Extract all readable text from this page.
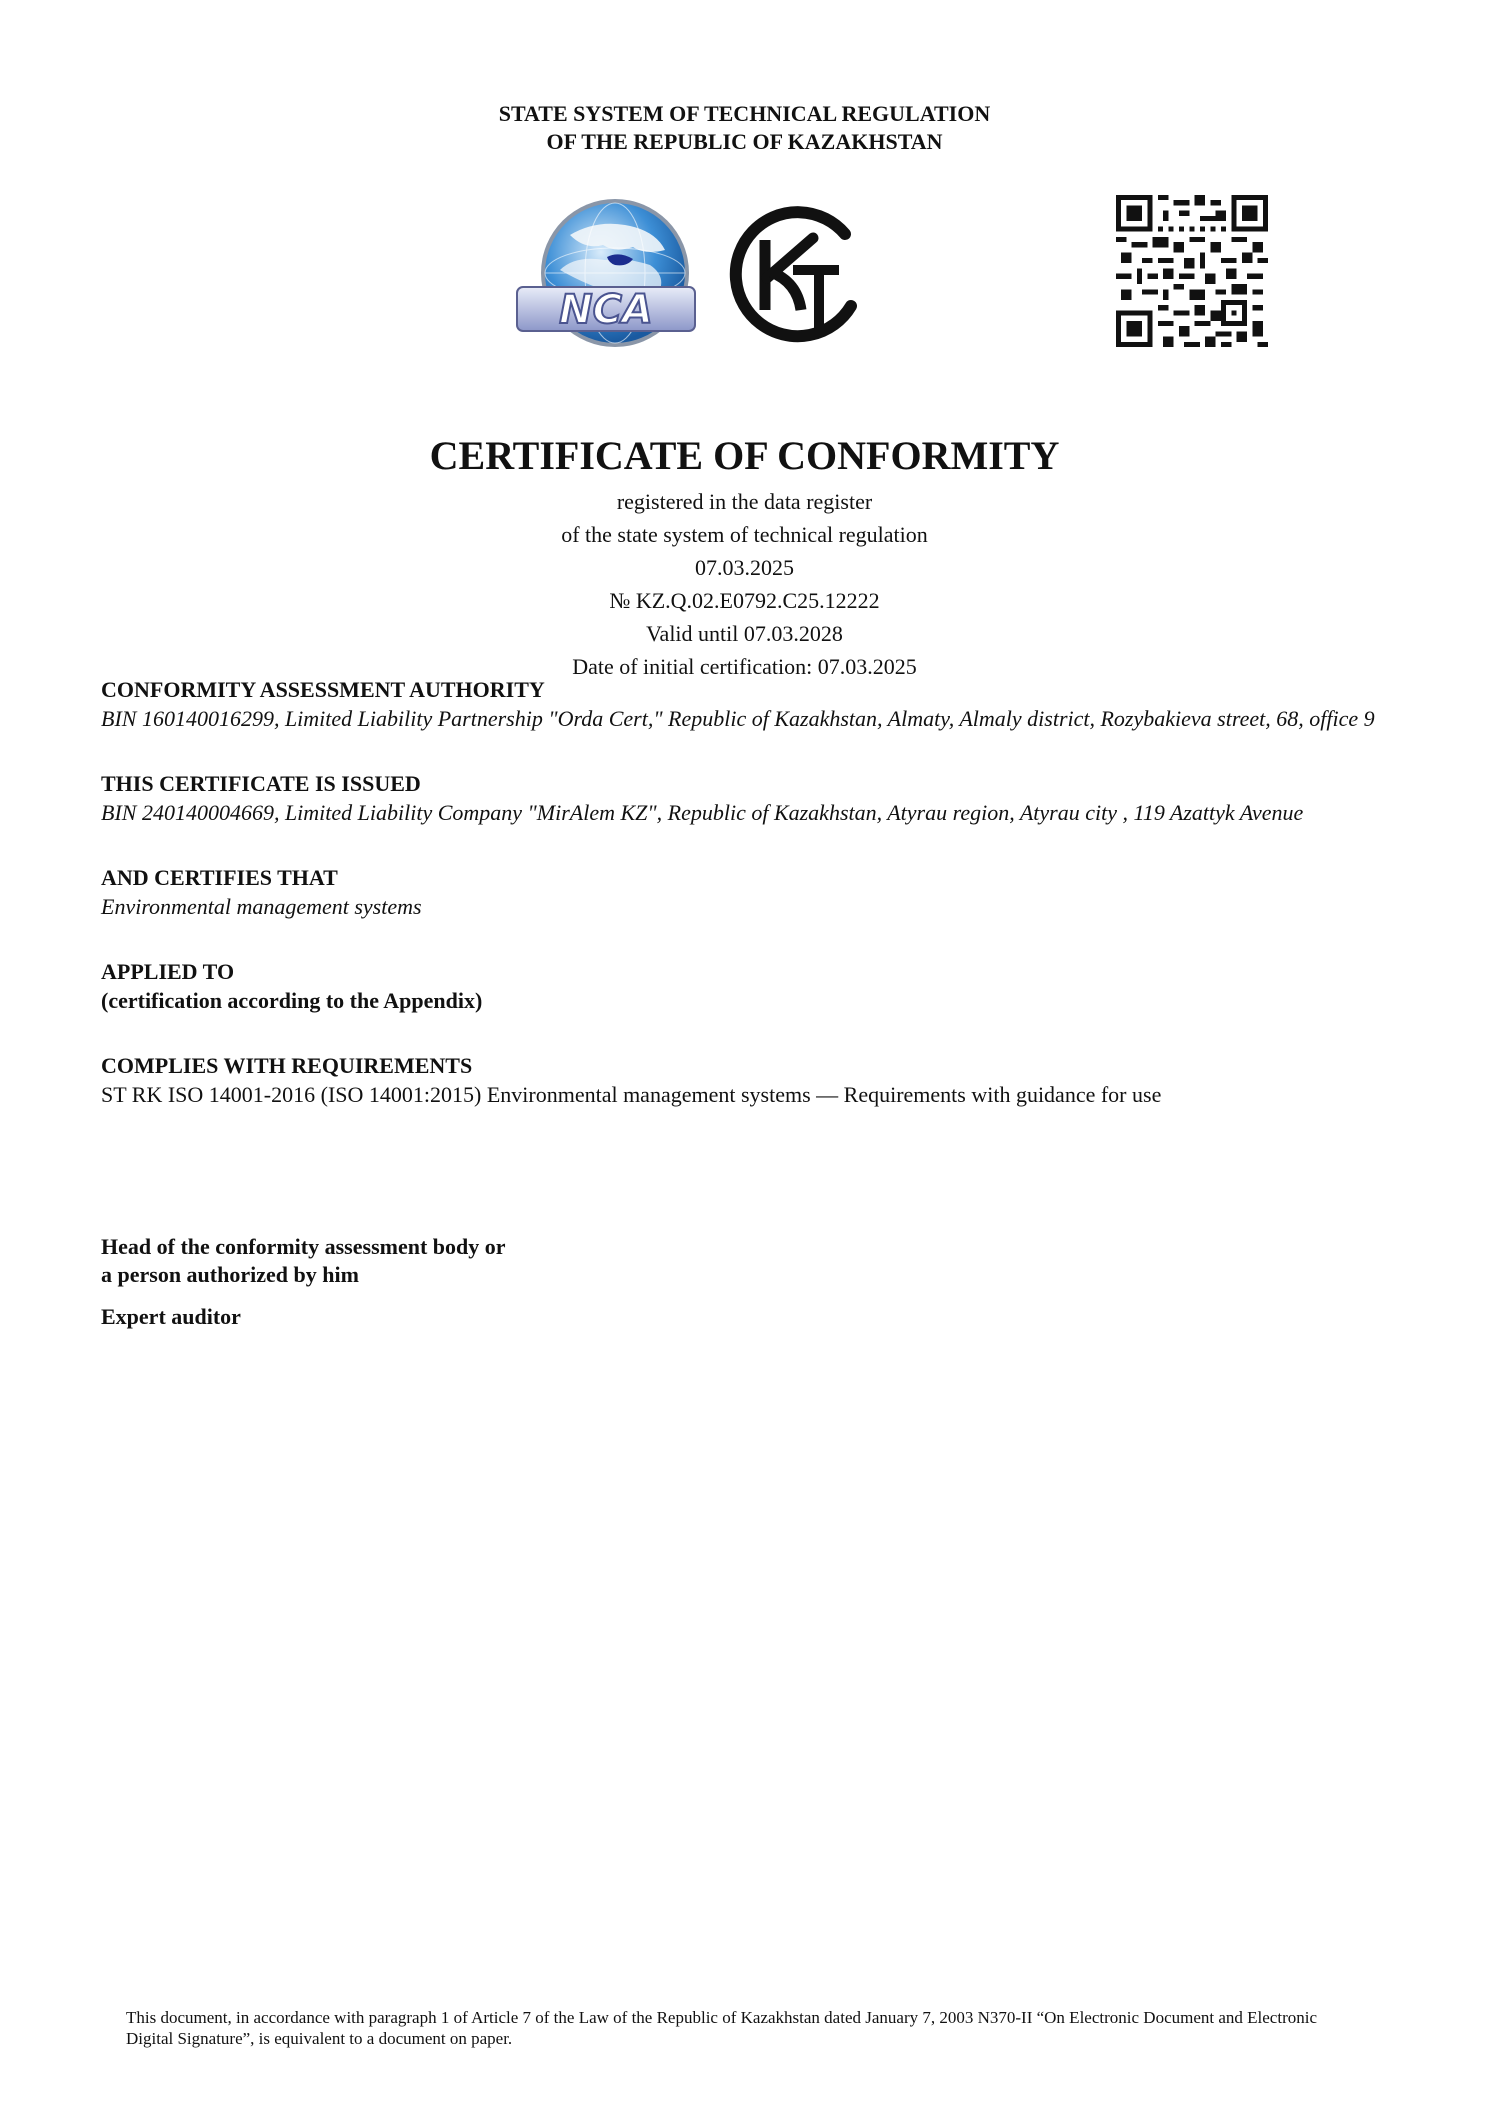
STATE SYSTEM OF TECHNICAL REGULATION
OF THE REPUBLIC OF KAZAKHSTAN
NCA
CERTIFICATE OF CONFORMITY
registered in the data register
of the state system of technical regulation
07.03.2025
№ KZ.Q.02.E0792.C25.12222
Valid until 07.03.2028
Date of initial certification: 07.03.2025
CONFORMITY ASSESSMENT AUTHORITY
BIN 160140016299, Limited Liability Partnership "Orda Cert," Republic of Kazakhstan, Almaty, Almaly district, Rozybakieva street, 68, office 9
THIS CERTIFICATE IS ISSUED
BIN 240140004669, Limited Liability Company "MirAlem KZ", Republic of Kazakhstan, Atyrau region, Atyrau city , 119 Azattyk Avenue
AND CERTIFIES THAT
Environmental management systems
APPLIED TO
(certification according to the Appendix)
COMPLIES WITH REQUIREMENTS
ST RK ISO 14001-2016 (ISO 14001:2015) Environmental management systems — Requirements with guidance for use
Head of the conformity assessment body or
a person authorized by him
Expert auditor
This document, in accordance with paragraph 1 of Article 7 of the Law of the Republic of Kazakhstan dated January 7, 2003 N370-II “On Electronic Document and Electronic Digital Signature”, is equivalent to a document on paper.
